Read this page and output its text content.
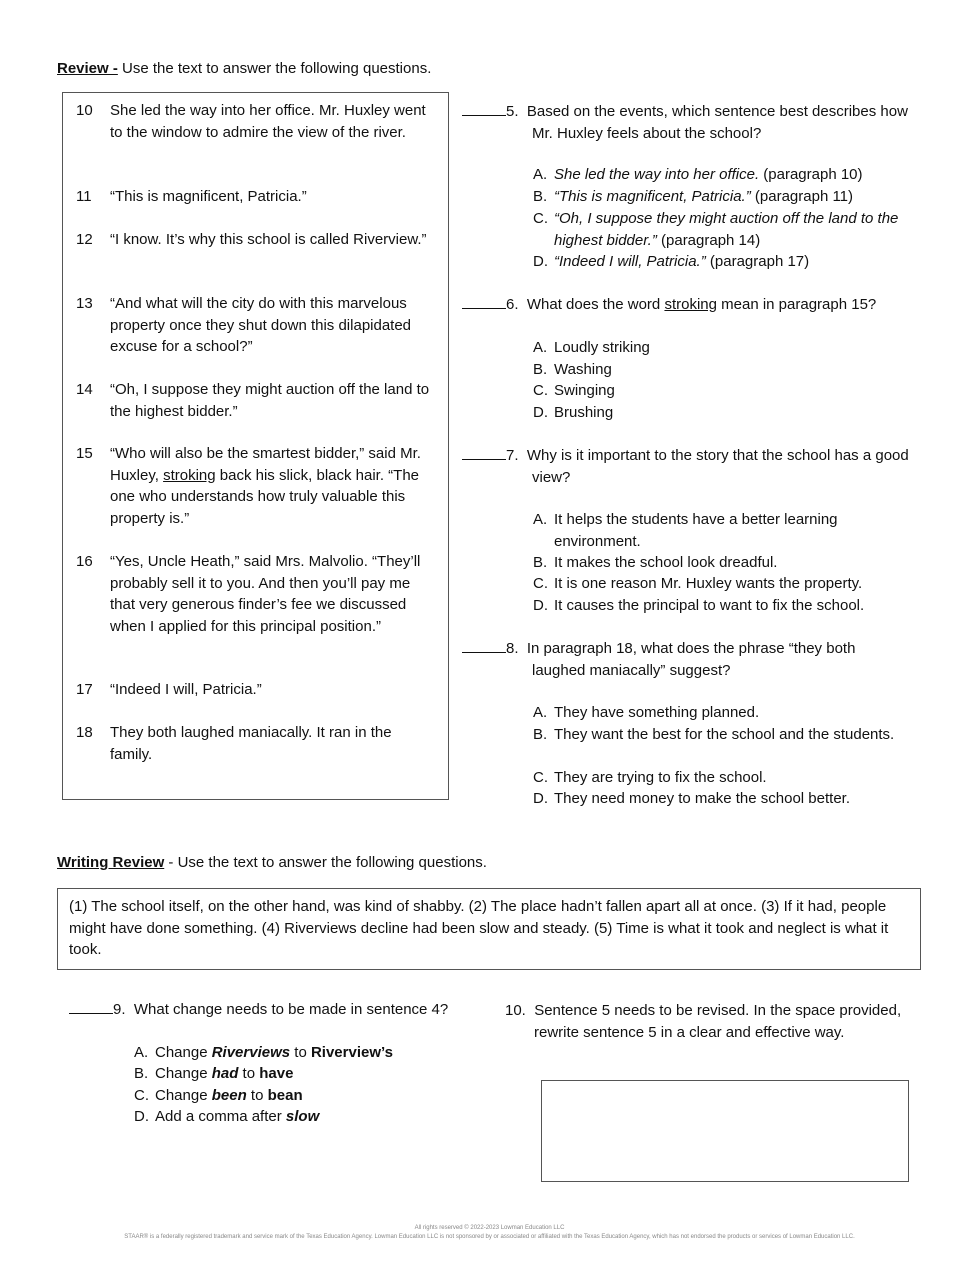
Review - Use the text to answer the following questions.
10 She led the way into her office. Mr. Huxley went to the window to admire the view of the river.
11 “This is magnificent, Patricia.”
12 “I know. It’s why this school is called Riverview.”
13 “And what will the city do with this marvelous property once they shut down this dilapidated excuse for a school?”
14 “Oh, I suppose they might auction off the land to the highest bidder.”
15 “Who will also be the smartest bidder,” said Mr. Huxley, stroking back his slick, black hair. “The one who understands how truly valuable this property is.”
16 “Yes, Uncle Heath,” said Mrs. Malvolio. “They’ll probably sell it to you. And then you’ll pay me that very generous finder’s fee we discussed when I applied for this principal position.”
17 “Indeed I will, Patricia.”
18 They both laughed maniacally. It ran in the family.
5. Based on the events, which sentence best describes how Mr. Huxley feels about the school?
A. She led the way into her office. (paragraph 10)
B. “This is magnificent, Patricia.” (paragraph 11)
C. “Oh, I suppose they might auction off the land to the highest bidder.” (paragraph 14)
D. “Indeed I will, Patricia.” (paragraph 17)
6. What does the word stroking mean in paragraph 15?
A. Loudly striking
B. Washing
C. Swinging
D. Brushing
7. Why is it important to the story that the school has a good view?
A. It helps the students have a better learning environment.
B. It makes the school look dreadful.
C. It is one reason Mr. Huxley wants the property.
D. It causes the principal to want to fix the school.
8. In paragraph 18, what does the phrase “they both laughed maniacally” suggest?
A. They have something planned.
B. They want the best for the school and the students.
C. They are trying to fix the school.
D. They need money to make the school better.
Writing Review - Use the text to answer the following questions.
(1) The school itself, on the other hand, was kind of shabby. (2) The place hadn’t fallen apart all at once. (3) If it had, people might have done something. (4) Riverviews decline had been slow and steady. (5) Time is what it took and neglect is what it took.
9. What change needs to be made in sentence 4?
A. Change Riverviews to Riverview’s
B. Change had to have
C. Change been to bean
D. Add a comma after slow
10. Sentence 5 needs to be revised. In the space provided, rewrite sentence 5 in a clear and effective way.
All rights reserved © 2022-2023 Lowman Education LLC
STAAR® is a federally registered trademark and service mark of the Texas Education Agency. Lowman Education LLC is not sponsored by or associated or affiliated with the Texas Education Agency, which has not endorsed the products or services of Lowman Education LLC.
